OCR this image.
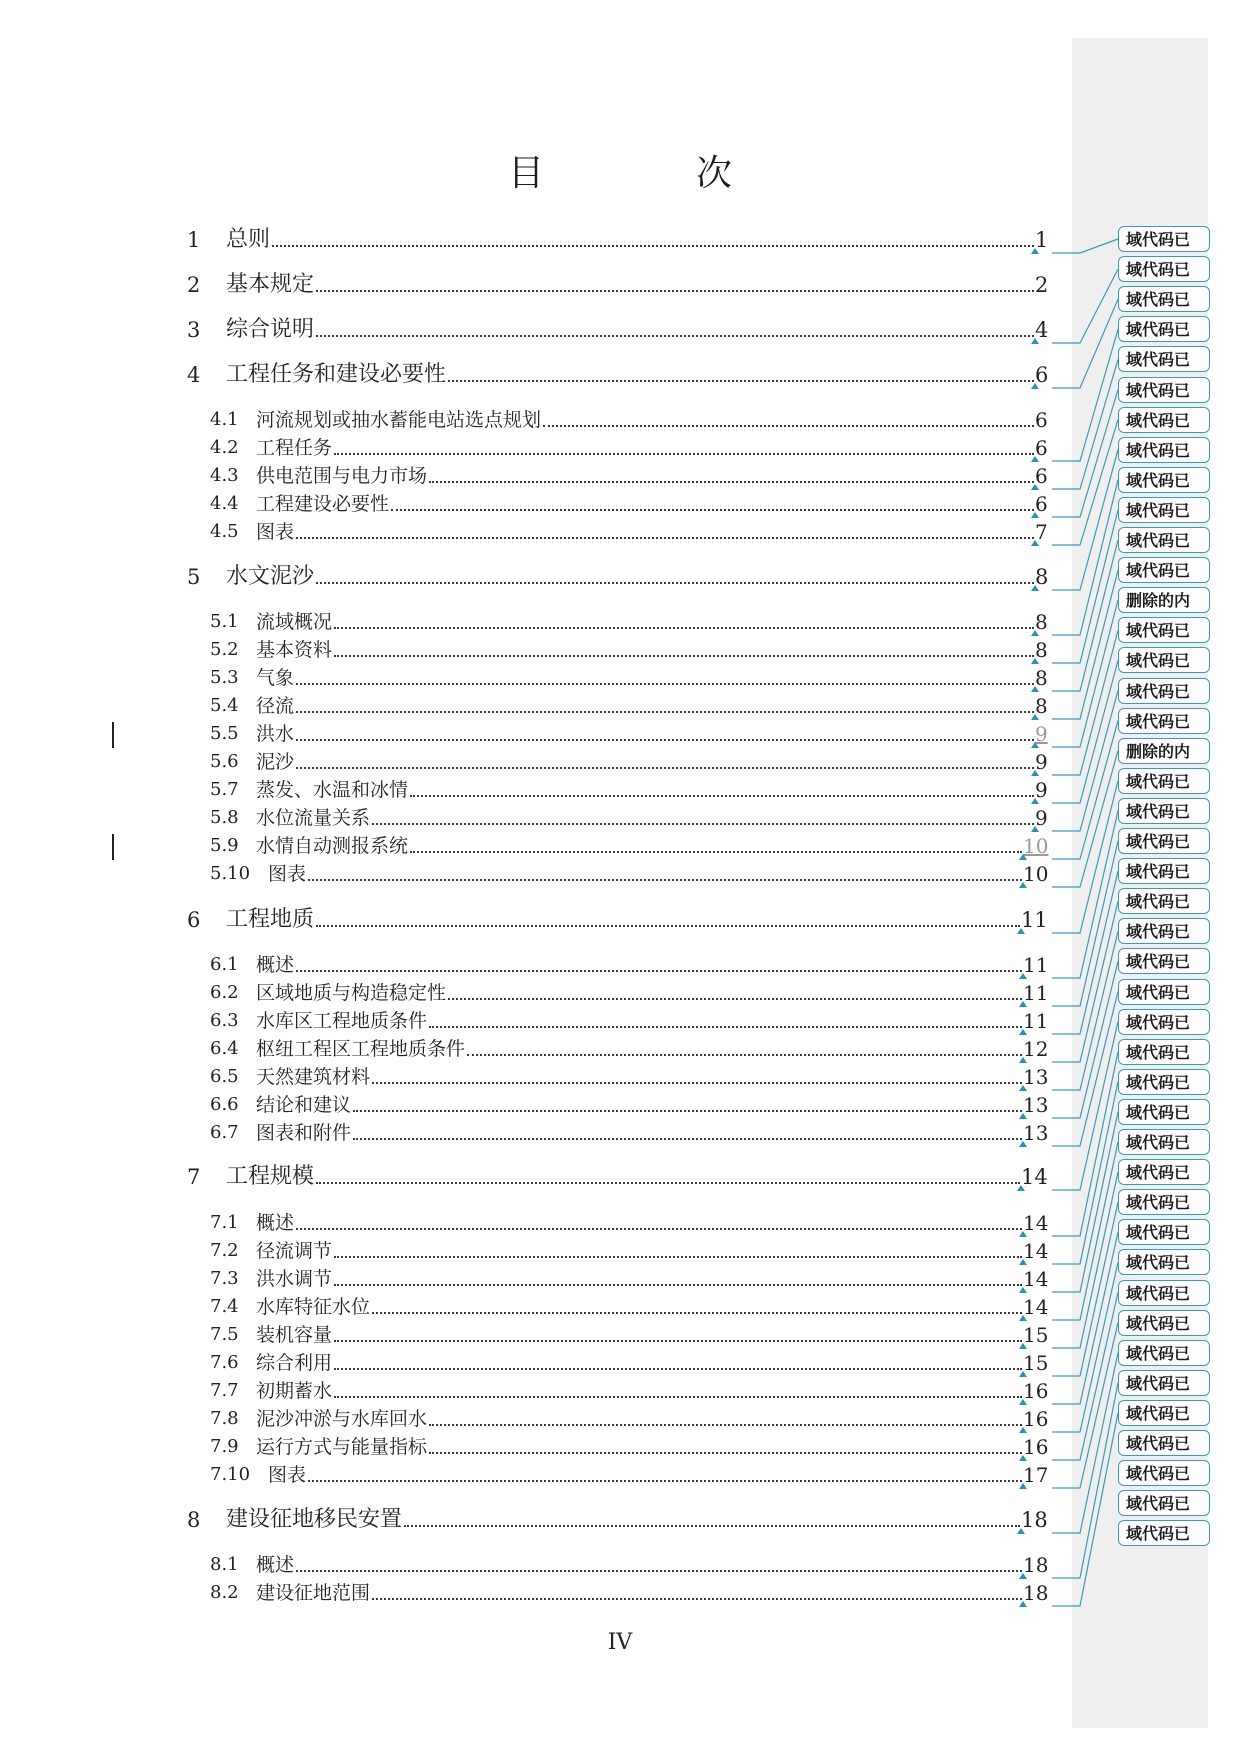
目　次
1 总则	1
2 基本规定	2
3 综合说明	4
4 工程任务和建设必要性	6
4.1 河流规划或抽水蓄能电站选点规划	6
4.2 工程任务	6
4.3 供电范围与电力市场	6
4.4 工程建设必要性	6
4.5 图表	7
5 水文泥沙	8
5.1 流域概况	8
5.2 基本资料	8
5.3 气象	8
5.4 径流	8
5.5 洪水	9
5.6 泥沙	9
5.7 蒸发、水温和冰情	9
5.8 水位流量关系	9
5.9 水情自动测报系统	10
5.10 图表	10
6 工程地质	11
6.1 概述	11
6.2 区域地质与构造稳定性	11
6.3 水库区工程地质条件	11
6.4 枢纽工程区工程地质条件	12
6.5 天然建筑材料	13
6.6 结论和建议	13
6.7 图表和附件	13
7 工程规模	14
7.1 概述	14
7.2 径流调节	14
7.3 洪水调节	14
7.4 水库特征水位	14
7.5 装机容量	15
7.6 综合利用	15
7.7 初期蓄水	16
7.8 泥沙冲淤与水库回水	16
7.9 运行方式与能量指标	16
7.10 图表	17
8 建设征地移民安置	18
8.1 概述	18
8.2 建设征地范围	18
域代码已
域代码已
域代码已
域代码已
域代码已
域代码已
域代码已
域代码已
域代码已
域代码已
域代码已
域代码已
删除的内
域代码已
域代码已
域代码已
域代码已
删除的内
域代码已
域代码已
域代码已
域代码已
域代码已
域代码已
域代码已
域代码已
域代码已
域代码已
域代码已
域代码已
域代码已
域代码已
域代码已
域代码已
域代码已
域代码已
域代码已
域代码已
域代码已
域代码已
域代码已
域代码已
域代码已
域代码已
IV
